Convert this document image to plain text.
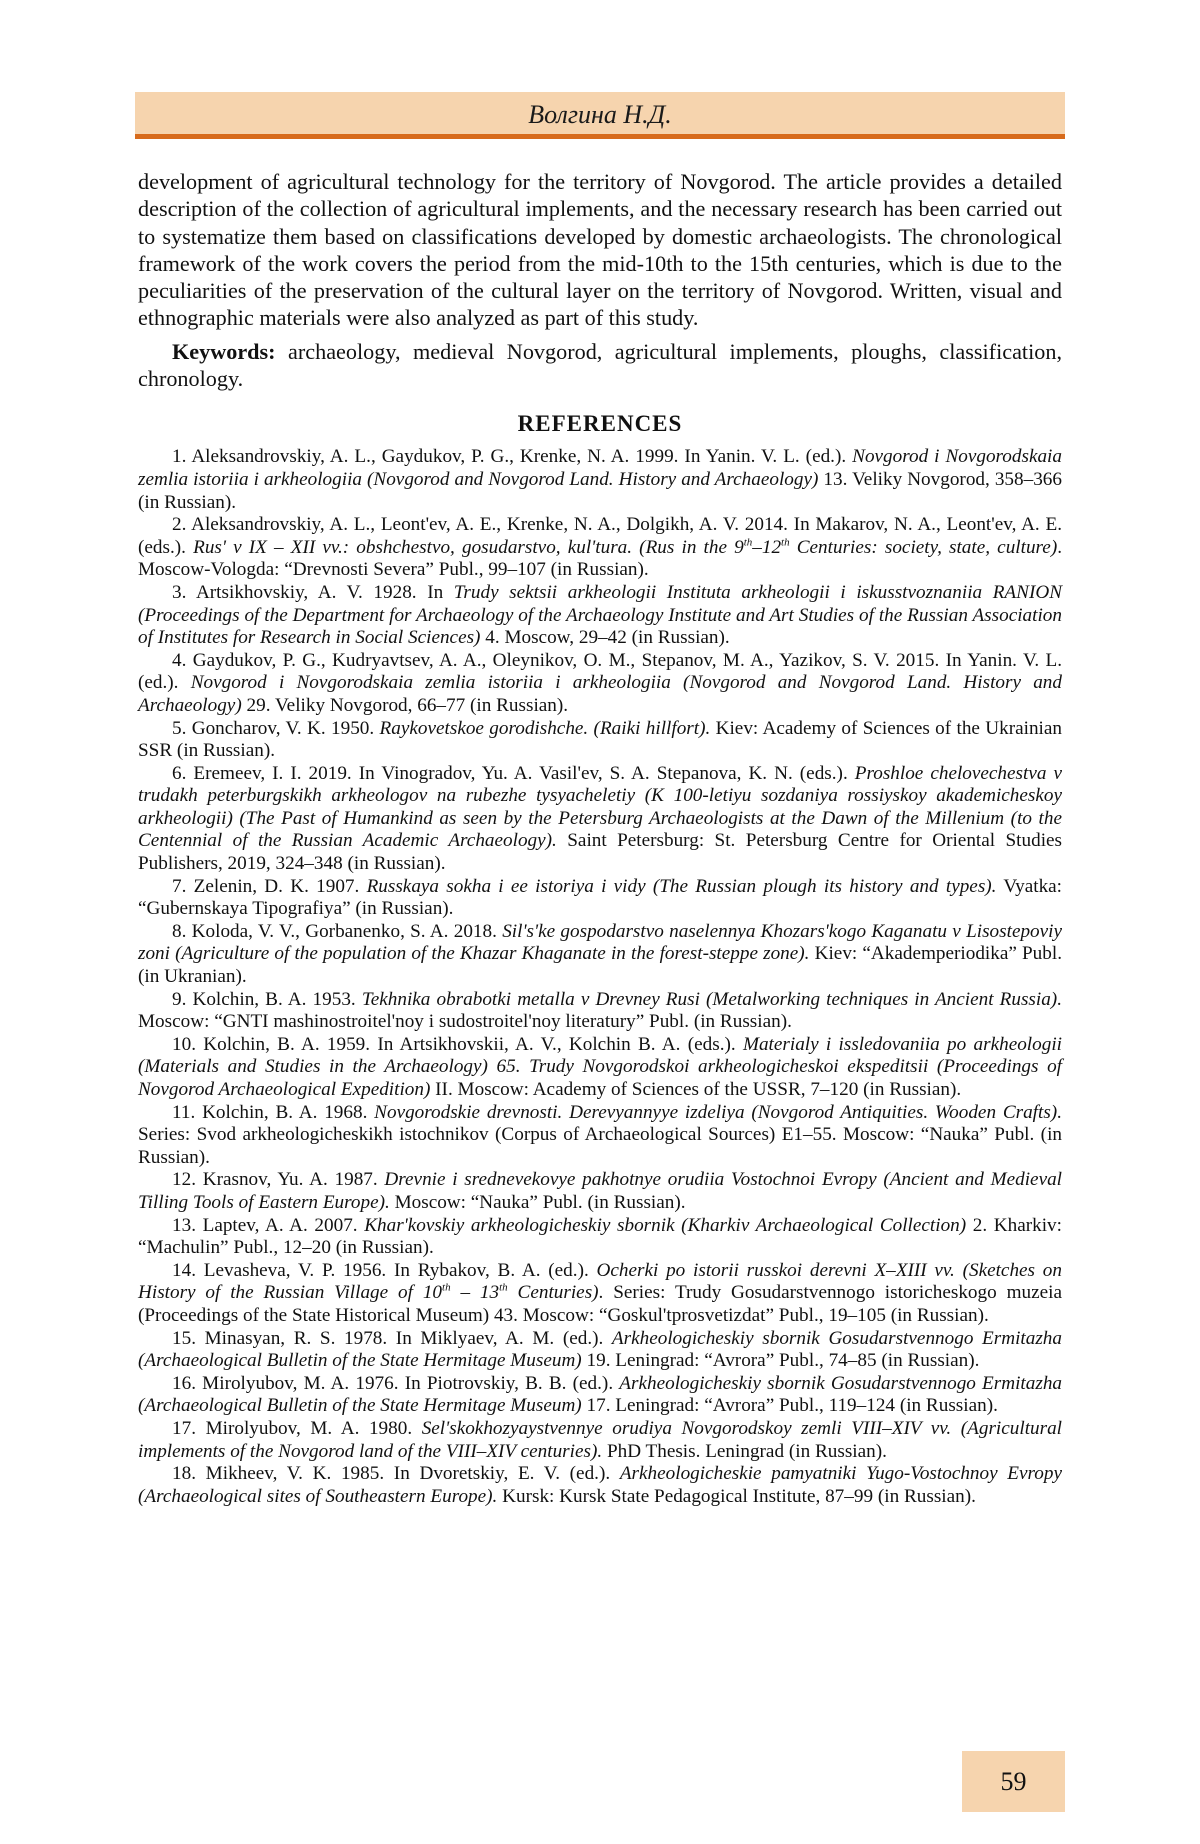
Волгина Н.Д.

development of agricultural technology for the territory of Novgorod. The article provides a detailed description of the collection of agricultural implements, and the necessary research has been carried out to systematize them based on classifications developed by domestic archaeologists. The chronological framework of the work covers the period from the mid-10th to the 15th centuries, which is due to the peculiarities of the preservation of the cultural layer on the territory of Novgorod. Written, visual and ethnographic materials were also analyzed as part of this study.

Keywords: archaeology, medieval Novgorod, agricultural implements, ploughs, classification, chronology.

REFERENCES

1. Aleksandrovskiy, A. L., Gaydukov, P. G., Krenke, N. A. 1999. In Yanin. V. L. (ed.). Novgorod i Novgorodskaia zemlia istoriia i arkheologiia (Novgorod and Novgorod Land. History and Archaeology) 13. Veliky Novgorod, 358–366 (in Russian).

2. Aleksandrovskiy, A. L., Leont'ev, A. E., Krenke, N. A., Dolgikh, A. V. 2014. In Makarov, N. A., Leont'ev, A. E. (eds.). Rus' v IX – XII vv.: obshchestvo, gosudarstvo, kul'tura. (Rus in the 9th–12th Centuries: society, state, culture). Moscow-Vologda: “Drevnosti Severa” Publ., 99–107 (in Russian).

3. Artsikhovskiy, A. V. 1928. In Trudy sektsii arkheologii Instituta arkheologii i iskusstvoznaniia RANION (Proceedings of the Department for Archaeology of the Archaeology Institute and Art Studies of the Russian Association of Institutes for Research in Social Sciences) 4. Moscow, 29–42 (in Russian).

4. Gaydukov, P. G., Kudryavtsev, A. A., Oleynikov, O. M., Stepanov, M. A., Yazikov, S. V. 2015. In Yanin. V. L. (ed.). Novgorod i Novgorodskaia zemlia istoriia i arkheologiia (Novgorod and Novgorod Land. History and Archaeology) 29. Veliky Novgorod, 66–77 (in Russian).

5. Goncharov, V. K. 1950. Raykovetskoe gorodishche. (Raiki hillfort). Kiev: Academy of Sciences of the Ukrainian SSR (in Russian).

6. Eremeev, I. I. 2019. In Vinogradov, Yu. A. Vasil'ev, S. A. Stepanova, K. N. (eds.). Proshloe chelovechestva v trudakh peterburgskikh arkheologov na rubezhe tysyacheletiy (K 100-letiyu sozdaniya rossiyskoy akademicheskoy arkheologii) (The Past of Humankind as seen by the Petersburg Archaeologists at the Dawn of the Millenium (to the Centennial of the Russian Academic Archaeology). Saint Petersburg: St. Petersburg Centre for Oriental Studies Publishers, 2019, 324–348 (in Russian).

7. Zelenin, D. K. 1907. Russkaya sokha i ee istoriya i vidy (The Russian plough its history and types). Vyatka: “Gubernskaya Tipografiya” (in Russian).

8. Koloda, V. V., Gorbanenko, S. A. 2018. Sil's'ke gospodarstvo naselennya Khozars'kogo Kaganatu v Lisostepoviy zoni (Agriculture of the population of the Khazar Khaganate in the forest-steppe zone). Kiev: “Akademperiodika” Publ. (in Ukranian).

9. Kolchin, B. A. 1953. Tekhnika obrabotki metalla v Drevney Rusi (Metalworking techniques in Ancient Russia). Moscow: “GNTI mashinostroitel'noy i sudostroitel'noy literatury” Publ. (in Russian).

10. Kolchin, B. A. 1959. In Artsikhovskii, A. V., Kolchin B. A. (eds.). Materialy i issledovaniia po arkheologii (Materials and Studies in the Archaeology) 65. Trudy Novgorodskoi arkheologicheskoi ekspeditsii (Proceedings of Novgorod Archaeological Expedition) II. Moscow: Academy of Sciences of the USSR, 7–120 (in Russian).

11. Kolchin, B. A. 1968. Novgorodskie drevnosti. Derevyannyye izdeliya (Novgorod Antiquities. Wooden Crafts). Series: Svod arkheologicheskikh istochnikov (Corpus of Archaeological Sources) E1–55. Moscow: “Nauka” Publ. (in Russian).

12. Krasnov, Yu. A. 1987. Drevnie i srednevekovye pakhotnye orudiia Vostochnoi Evropy (Ancient and Medieval Tilling Tools of Eastern Europe). Moscow: “Nauka” Publ. (in Russian).

13. Laptev, A. A. 2007. Khar'kovskiy arkheologicheskiy sbornik (Kharkiv Archaeological Collection) 2. Kharkiv: “Machulin” Publ., 12–20 (in Russian).

14. Levasheva, V. P. 1956. In Rybakov, B. A. (ed.). Ocherki po istorii russkoi derevni X–XIII vv. (Sketches on History of the Russian Village of 10th – 13th Centuries). Series: Trudy Gosudarstvennogo istoricheskogo muzeia (Proceedings of the State Historical Museum) 43. Moscow: “Goskul'tprosvetizdat” Publ., 19–105 (in Russian).

15. Minasyan, R. S. 1978. In Miklyaev, A. M. (ed.). Arkheologicheskiy sbornik Gosudarstvennogo Ermitazha (Archaeological Bulletin of the State Hermitage Museum) 19. Leningrad: “Avrora” Publ., 74–85 (in Russian).

16. Mirolyubov, M. A. 1976. In Piotrovskiy, B. B. (ed.). Arkheologicheskiy sbornik Gosudarstvennogo Ermitazha (Archaeological Bulletin of the State Hermitage Museum) 17. Leningrad: “Avrora” Publ., 119–124 (in Russian).

17. Mirolyubov, M. A. 1980. Sel'skokhozyaystvennye orudiya Novgorodskoy zemli VIII–XIV vv. (Agricultural implements of the Novgorod land of the VIII–XIV centuries). PhD Thesis. Leningrad (in Russian).

18. Mikheev, V. K. 1985. In Dvoretskiy, E. V. (ed.). Arkheologicheskie pamyatniki Yugo-Vostochnoy Evropy (Archaeological sites of Southeastern Europe). Kursk: Kursk State Pedagogical Institute, 87–99 (in Russian).

59
